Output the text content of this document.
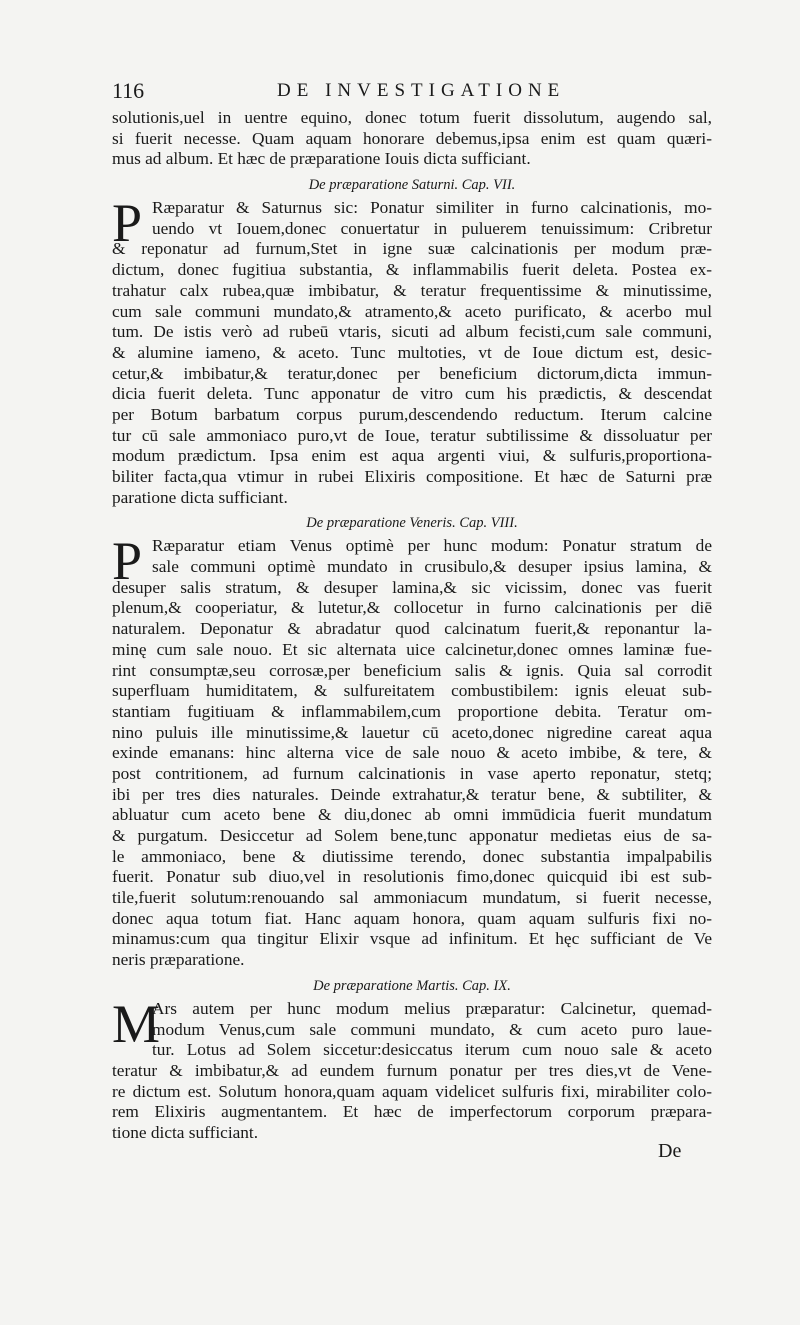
116	DE INVESTIGATIONE
solutionis,uel in uentre equino, donec totum fuerit dissolutum, augendo sal,
si fuerit necesse. Quam aquam honorare debemus,ipsa enim est quam quæri-
mus ad album. Et hæc de præparatione Iouis dicta sufficiant.
De præparatione Saturni. Cap. VII.
P Ræparatur & Saturnus sic: Ponatur similiter in furno calcinationis, mo-
uendo vt Iouem,donec conuertatur in puluerem tenuissimum: Cribretur
& reponatur ad furnum,Stet in igne suæ calcinationis per modum præ-
dictum, donec fugitiua substantia, & inflammabilis fuerit deleta. Postea ex-
trahatur calx rubea,quæ imbibatur, & teratur frequentissime & minutissime,
cum sale communi mundato,& atramento,& aceto purificato, & acerbo mul
tum. De istis verò ad rubeū vtaris, sicuti ad album fecisti,cum sale communi,
& alumine iameno, & aceto. Tunc multoties, vt de Ioue dictum est, desic-
cetur,& imbibatur,& teratur,donec per beneficium dictorum,dicta immun-
dicia fuerit deleta. Tunc apponatur de vitro cum his prædictis, & descendat
per Botum barbatum corpus purum,descendendo reductum. Iterum calcine
tur cū sale ammoniaco puro,vt de Ioue, teratur subtilissime & dissoluatur per
modum prædictum. Ipsa enim est aqua argenti viui, & sulfuris,proportiona-
biliter facta,qua vtimur in rubei Elixiris compositione. Et hæc de Saturni præ
paratione dicta sufficiant.
De præparatione Veneris. Cap. VIII.
P Ræparatur etiam Venus optimè per hunc modum: Ponatur stratum de
sale communi optimè mundato in crusibulo,& desuper ipsius lamina, &
desuper salis stratum, & desuper lamina,& sic vicissim, donec vas fuerit
plenum,& cooperiatur, & lutetur,& collocetur in furno calcinationis per diē
naturalem. Deponatur & abradatur quod calcinatum fuerit,& reponantur la-
minę cum sale nouo. Et sic alternata uice calcinetur,donec omnes laminæ fue-
rint consumptæ,seu corrosæ,per beneficium salis & ignis. Quia sal corrodit
superfluam humiditatem, & sulfureitatem combustibilem: ignis eleuat sub-
stantiam fugitiuam & inflammabilem,cum proportione debita. Teratur om-
nino puluis ille minutissime,& lauetur cū aceto,donec nigredine careat aqua
exinde emanans: hinc alterna vice de sale nouo & aceto imbibe, & tere, &
post contritionem, ad furnum calcinationis in vase aperto reponatur, stetq;
ibi per tres dies naturales. Deinde extrahatur,& teratur bene, & subtiliter, &
abluatur cum aceto bene & diu,donec ab omni immūdicia fuerit mundatum
& purgatum. Desiccetur ad Solem bene,tunc apponatur medietas eius de sa-
le ammoniaco, bene & diutissime terendo, donec substantia impalpabilis
fuerit. Ponatur sub diuo,vel in resolutionis fimo,donec quicquid ibi est sub-
tile,fuerit solutum:renouando sal ammoniacum mundatum, si fuerit necesse,
donec aqua totum fiat. Hanc aquam honora, quam aquam sulfuris fixi no-
minamus:cum qua tingitur Elixir vsque ad infinitum. Et hęc sufficiant de Ve
neris præparatione.
De præparatione Martis. Cap. IX.
M
Ars autem per hunc modum melius præparatur: Calcinetur, quemad-
modum Venus,cum sale communi mundato, & cum aceto puro laue-
tur. Lotus ad Solem siccetur:desiccatus iterum cum nouo sale & aceto
teratur & imbibatur,& ad eundem furnum ponatur per tres dies,vt de Vene-
re dictum est. Solutum honora,quam aquam videlicet sulfuris fixi, mirabiliter colo-
rem Elixiris augmentantem. Et hæc de imperfectorum corporum præpara-
tione dicta sufficiant.
De
